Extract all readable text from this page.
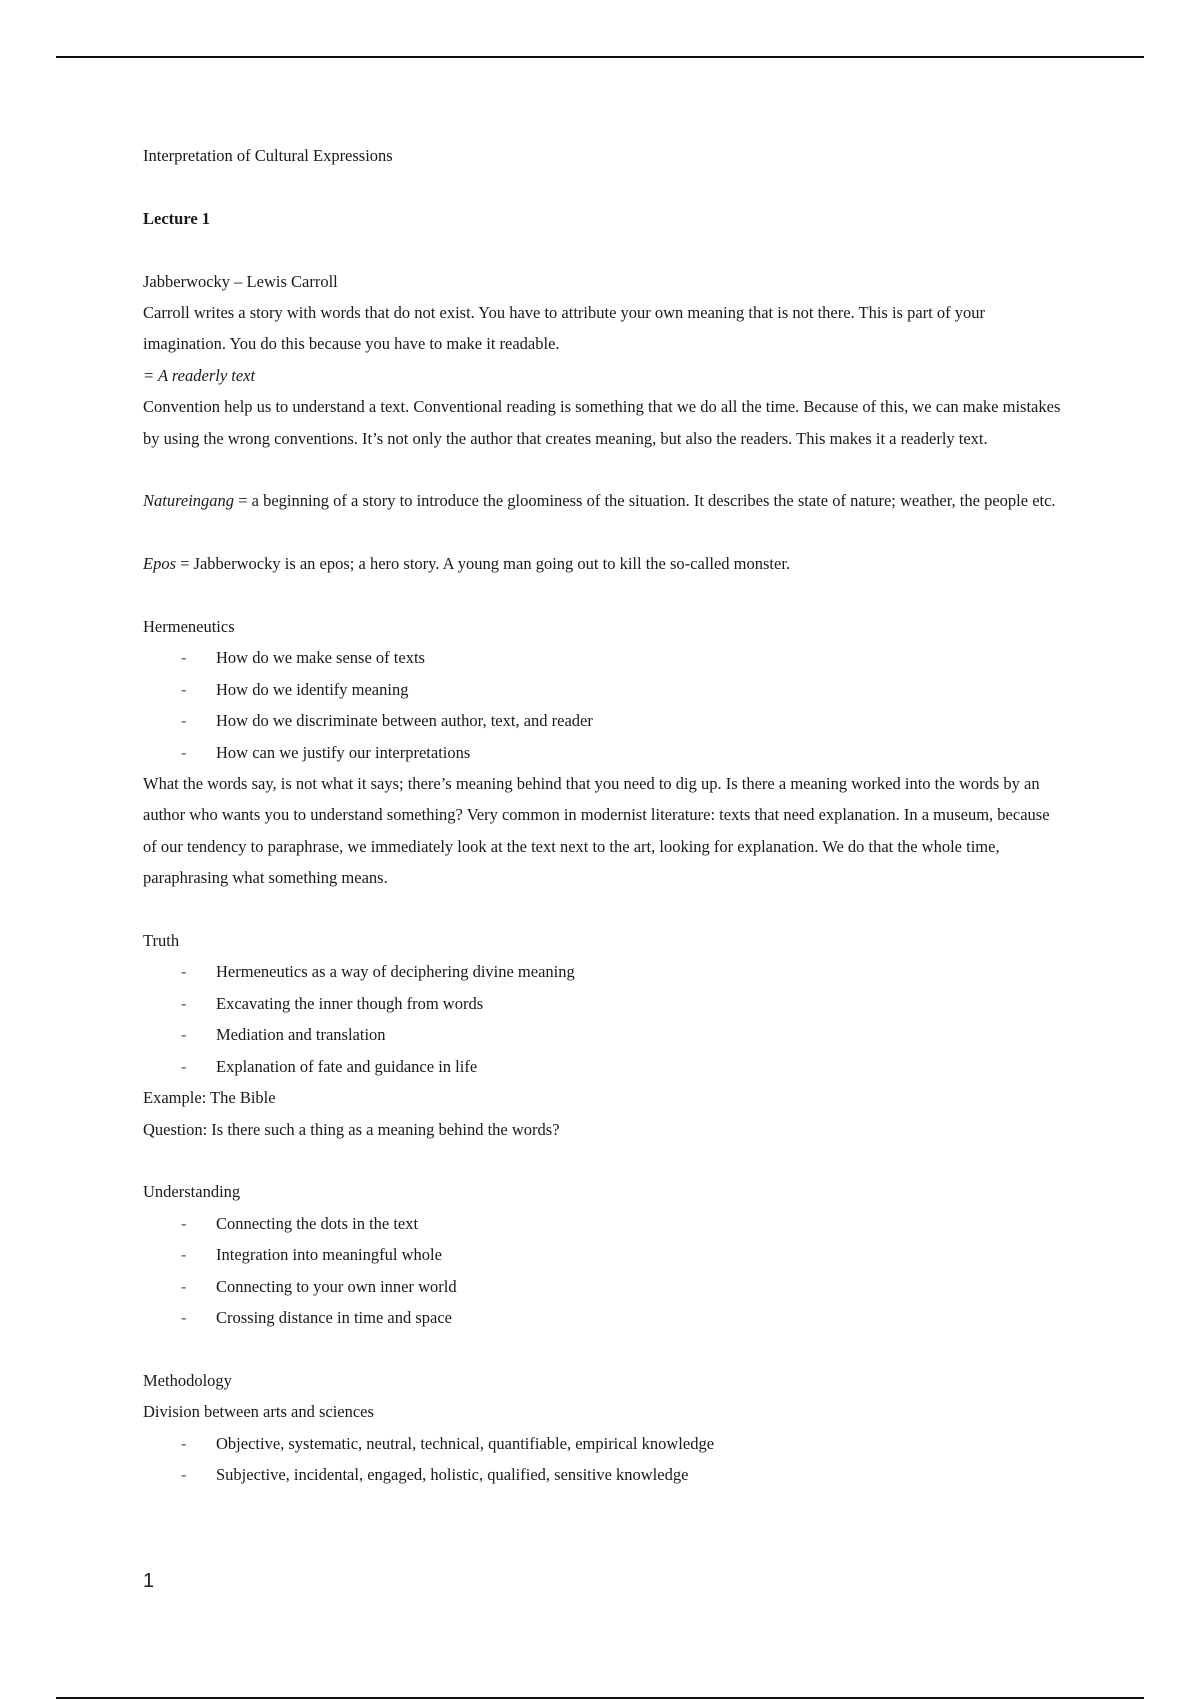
Interpretation of Cultural Expressions

Lecture 1

Jabberwocky – Lewis Carroll

Carroll writes a story with words that do not exist. You have to attribute your own meaning that is not there. This is part of your imagination. You do this because you have to make it readable.

= A readerly text

Convention help us to understand a text. Conventional reading is something that we do all the time. Because of this, we can make mistakes by using the wrong conventions. It’s not only the author that creates meaning, but also the readers. This makes it a readerly text.

Natureingang = a beginning of a story to introduce the gloominess of the situation. It describes the state of nature; weather, the people etc.

Epos = Jabberwocky is an epos; a hero story. A young man going out to kill the so-called monster.

Hermeneutics

- How do we make sense of texts
- How do we identify meaning
- How do we discriminate between author, text, and reader
- How can we justify our interpretations

What the words say, is not what it says; there’s meaning behind that you need to dig up. Is there a meaning worked into the words by an author who wants you to understand something? Very common in modernist literature: texts that need explanation. In a museum, because of our tendency to paraphrase, we immediately look at the text next to the art, looking for explanation. We do that the whole time, paraphrasing what something means.

Truth

- Hermeneutics as a way of deciphering divine meaning
- Excavating the inner though from words
- Mediation and translation
- Explanation of fate and guidance in life

Example: The Bible

Question: Is there such a thing as a meaning behind the words?

Understanding

- Connecting the dots in the text
- Integration into meaningful whole
- Connecting to your own inner world
- Crossing distance in time and space

Methodology

Division between arts and sciences

- Objective, systematic, neutral, technical, quantifiable, empirical knowledge
- Subjective, incidental, engaged, holistic, qualified, sensitive knowledge
1
